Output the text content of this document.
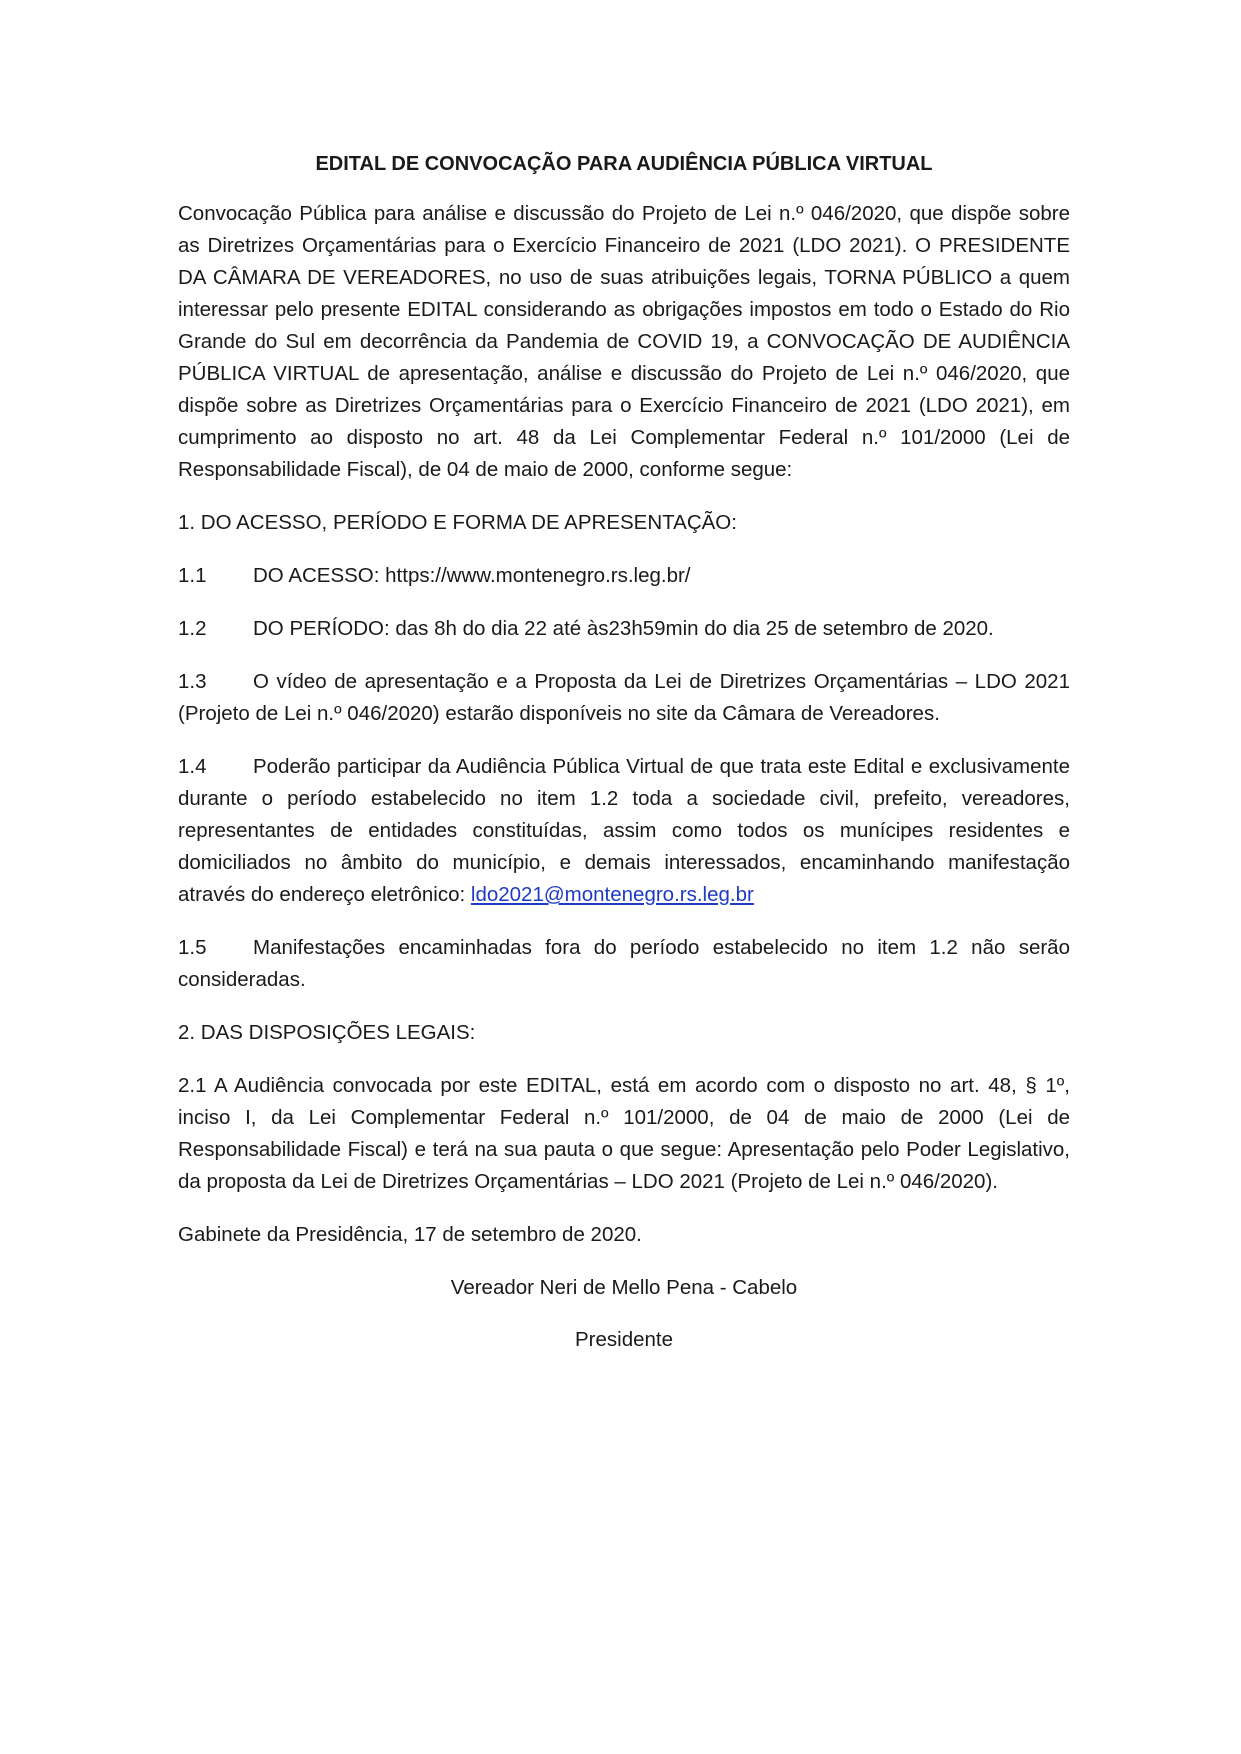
EDITAL DE CONVOCAÇÃO PARA AUDIÊNCIA PÚBLICA VIRTUAL

Convocação Pública para análise e discussão do Projeto de Lei n.º 046/2020, que dispõe sobre as Diretrizes Orçamentárias para o Exercício Financeiro de 2021 (LDO 2021). O PRESIDENTE DA CÂMARA DE VEREADORES, no uso de suas atribuições legais, TORNA PÚBLICO a quem interessar pelo presente EDITAL considerando as obrigações impostos em todo o Estado do Rio Grande do Sul em decorrência da Pandemia de COVID 19, a CONVOCAÇÃO DE AUDIÊNCIA PÚBLICA VIRTUAL de apresentação, análise e discussão do Projeto de Lei n.º 046/2020, que dispõe sobre as Diretrizes Orçamentárias para o Exercício Financeiro de 2021 (LDO 2021), em cumprimento ao disposto no art. 48 da Lei Complementar Federal n.º 101/2000 (Lei de Responsabilidade Fiscal), de 04 de maio de 2000, conforme segue:

1. DO ACESSO, PERÍODO E FORMA DE APRESENTAÇÃO:

1.1 DO ACESSO: https://www.montenegro.rs.leg.br/

1.2 DO PERÍODO: das 8h do dia 22 até às23h59min do dia 25 de setembro de 2020.

1.3 O vídeo de apresentação e a Proposta da Lei de Diretrizes Orçamentárias – LDO 2021 (Projeto de Lei n.º 046/2020) estarão disponíveis no site da Câmara de Vereadores.

1.4 Poderão participar da Audiência Pública Virtual de que trata este Edital e exclusivamente durante o período estabelecido no item 1.2 toda a sociedade civil, prefeito, vereadores, representantes de entidades constituídas, assim como todos os munícipes residentes e domiciliados no âmbito do município, e demais interessados, encaminhando manifestação através do endereço eletrônico: ldo2021@montenegro.rs.leg.br

1.5 Manifestações encaminhadas fora do período estabelecido no item 1.2 não serão consideradas.

2. DAS DISPOSIÇÕES LEGAIS:

2.1 A Audiência convocada por este EDITAL, está em acordo com o disposto no art. 48, § 1º, inciso I, da Lei Complementar Federal n.º 101/2000, de 04 de maio de 2000 (Lei de Responsabilidade Fiscal) e terá na sua pauta o que segue: Apresentação pelo Poder Legislativo, da proposta da Lei de Diretrizes Orçamentárias – LDO 2021 (Projeto de Lei n.º 046/2020).

Gabinete da Presidência, 17 de setembro de 2020.

Vereador Neri de Mello Pena - Cabelo

Presidente
